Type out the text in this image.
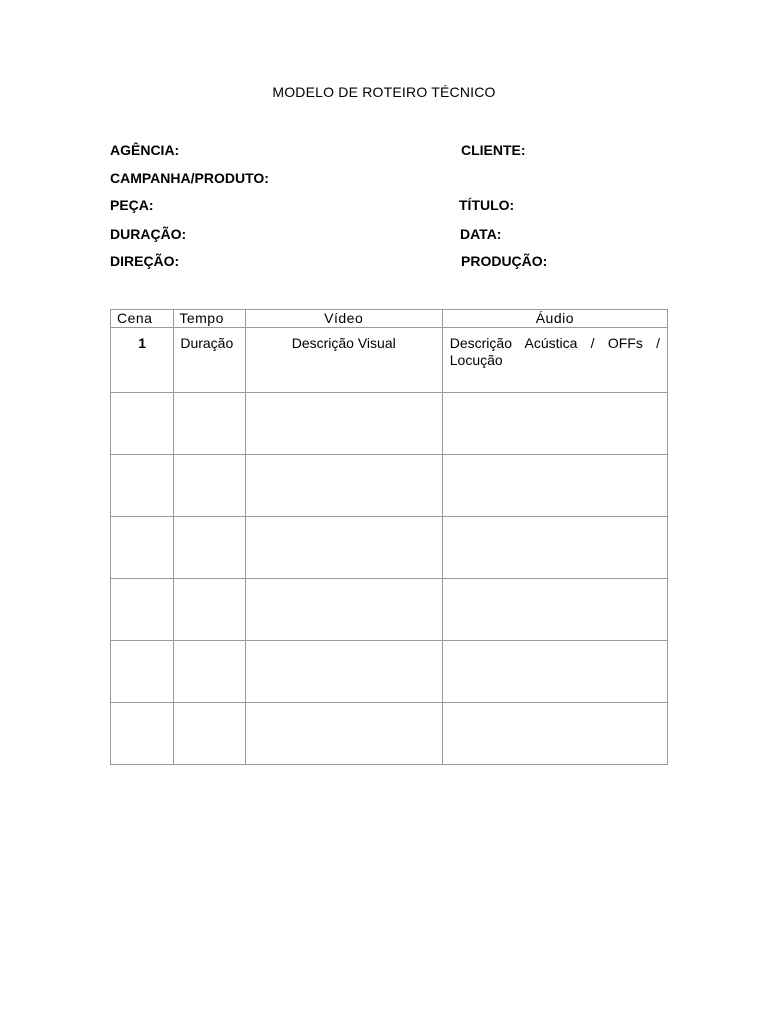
MODELO DE ROTEIRO TÉCNICO
AGÊNCIA:	CLIENTE:
CAMPANHA/PRODUTO:
PEÇA:	TÍTULO:
DURAÇÃO:	DATA:
DIREÇÃO:	PRODUÇÃO:
Cena	Tempo	Vídeo	Áudio

1	Duração	Descrição Visual	Descrição Acústica / OFFs / Locução
